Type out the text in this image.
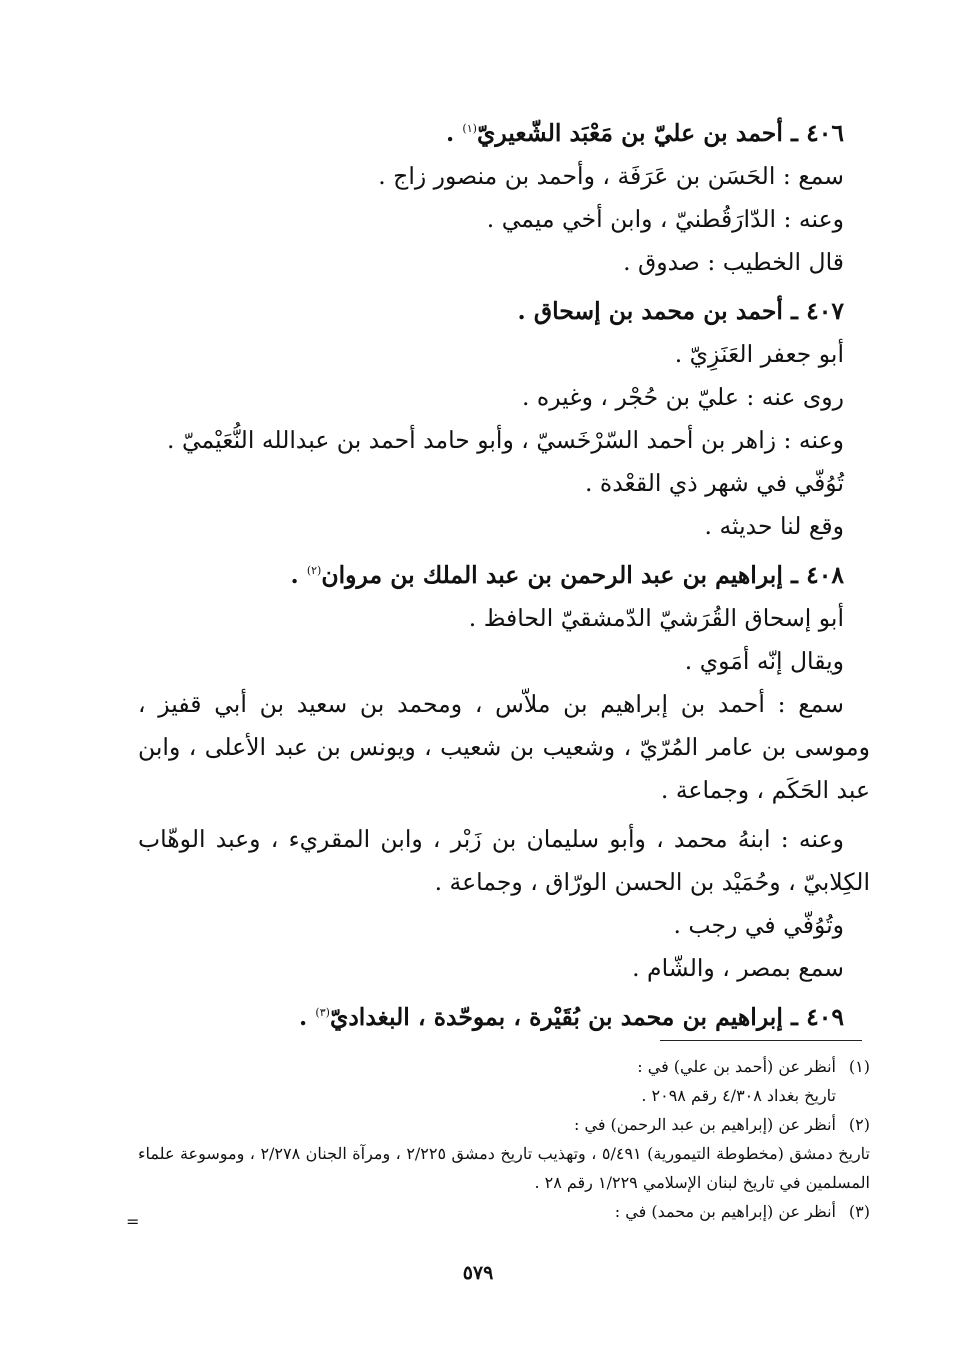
٤٠٦ ـ أحمد بن عليّ بن مَعْبَد الشّعيريّ$^{(١)}$ .
سمع : الحَسَن بن عَرَفَة ، وأحمد بن منصور زاج .
وعنه : الدّارَقُطنيّ ، وابن أخي ميمي .
قال الخطيب : صدوق .
٤٠٧ ـ أحمد بن محمد بن إسحاق .
أبو جعفر العَنَزِيّ .
روى عنه : عليّ بن حُجْر ، وغيره .
وعنه : زاهر بن أحمد السّرْخَسيّ ، وأبو حامد أحمد بن عبدالله النُّعَيْميّ .
تُوُفّي في شهر ذي القعْدة .
وقع لنا حديثه .
٤٠٨ ـ إبراهيم بن عبد الرحمن بن عبد الملك بن مروان$^{(٢)}$ .
أبو إسحاق القُرَشيّ الدّمشقيّ الحافظ .
ويقال إنّه أمَوي .
سمع : أحمد بن إبراهيم بن ملاّس ، ومحمد بن سعيد بن أبي قفيز ، وموسى بن عامر المُرّيّ ، وشعيب بن شعيب ، ويونس بن عبد الأعلى ، وابن عبد الحَكَم ، وجماعة .
وعنه : ابنهُ محمد ، وأبو سليمان بن زَبْر ، وابن المقريء ، وعبد الوهّاب الكِلابيّ ، وحُمَيْد بن الحسن الورّاق ، وجماعة .
وتُوُفّي في رجب .
سمع بمصر ، والشّام .
٤٠٩ ـ إبراهيم بن محمد بن بُقَيْرة ، بموحّدة ، البغداديّ$^{(٣)}$ .
(١)أنظر عن (أحمد بن علي) في :
تاريخ بغداد ٤/٣٠٨ رقم ٢٠٩٨ .
(٢)أنظر عن (إبراهيم بن عبد الرحمن) في :
تاريخ دمشق (مخطوطة التيمورية) ٥/٤٩١ ، وتهذيب تاريخ دمشق ٢/٢٢٥ ، ومرآة الجنان ٢/٢٧٨ ، وموسوعة علماء المسلمين في تاريخ لبنان الإسلامي ١/٢٢٩ رقم ٢٨ .
(٣)أنظر عن (إبراهيم بن محمد) في :
=
٥٧٩
